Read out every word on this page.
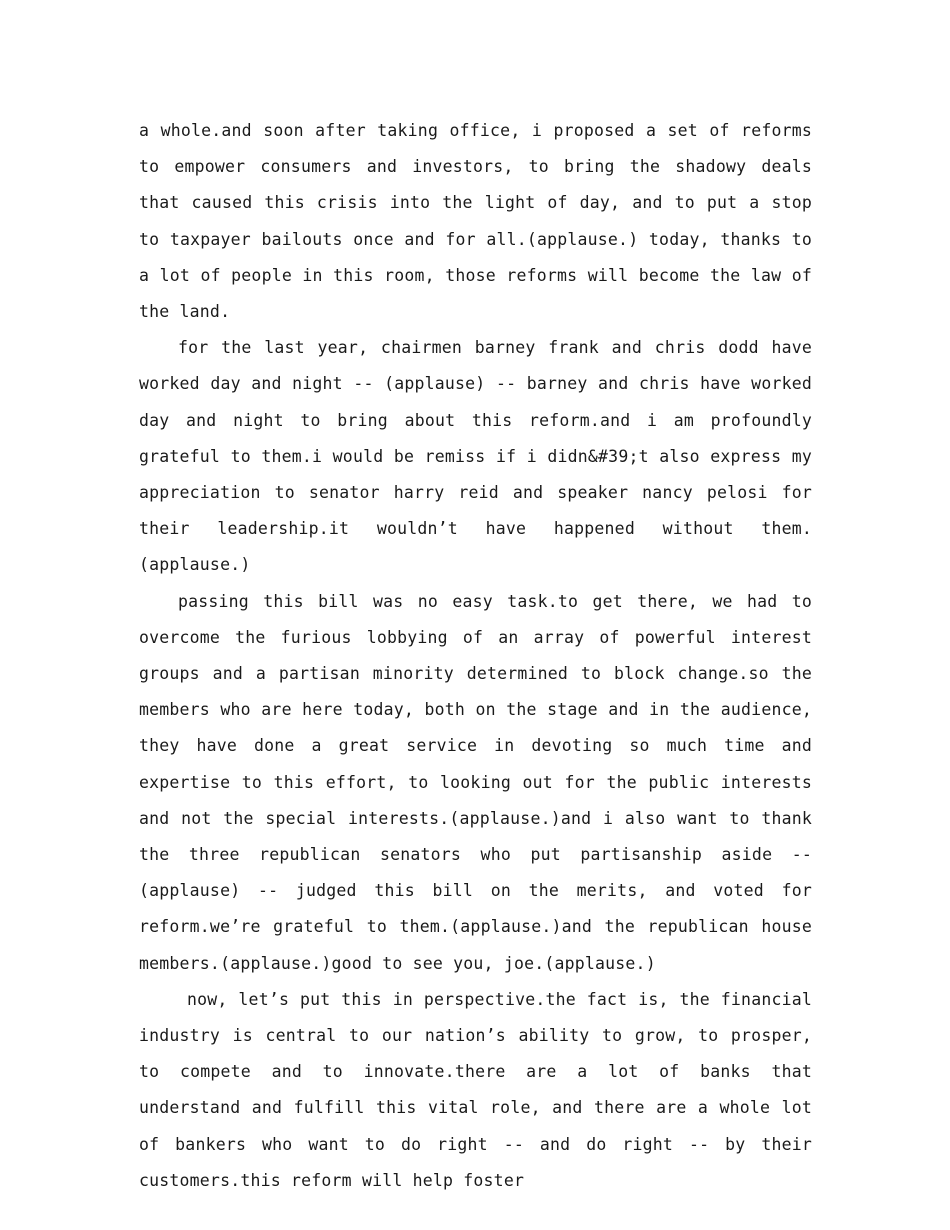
a whole.and soon after taking office, i proposed a set of reforms to empower consumers and investors, to bring the shadowy deals that caused this crisis into the light of day, and to put a stop to taxpayer bailouts once and for all.(applause.) today, thanks to a lot of people in this room, those reforms will become the law of the land.

for the last year, chairmen barney frank and chris dodd have worked day and night -- (applause) -- barney and chris have worked day and night to bring about this reform.and i am profoundly grateful to them.i would be remiss if i didn&#39;t also express my appreciation to senator harry reid and speaker nancy pelosi for their leadership.it wouldn’t have happened without them.(applause.)

passing this bill was no easy task.to get there, we had to overcome the furious lobbying of an array of powerful interest groups and a partisan minority determined to block change.so the members who are here today, both on the stage and in the audience, they have done a great service in devoting so much time and expertise to this effort, to looking out for the public interests and not the special interests.(applause.)and i also want to thank the three republican senators who put partisanship aside -- (applause) -- judged this bill on the merits, and voted for reform.we’re grateful to them.(applause.)and the republican house members.(applause.)good to see you, joe.(applause.)

now, let’s put this in perspective.the fact is, the financial industry is central to our nation’s ability to grow, to prosper, to compete and to innovate.there are a lot of banks that understand and fulfill this vital role, and there are a whole lot of bankers who want to do right -- and do right -- by their customers.this reform will help foster
